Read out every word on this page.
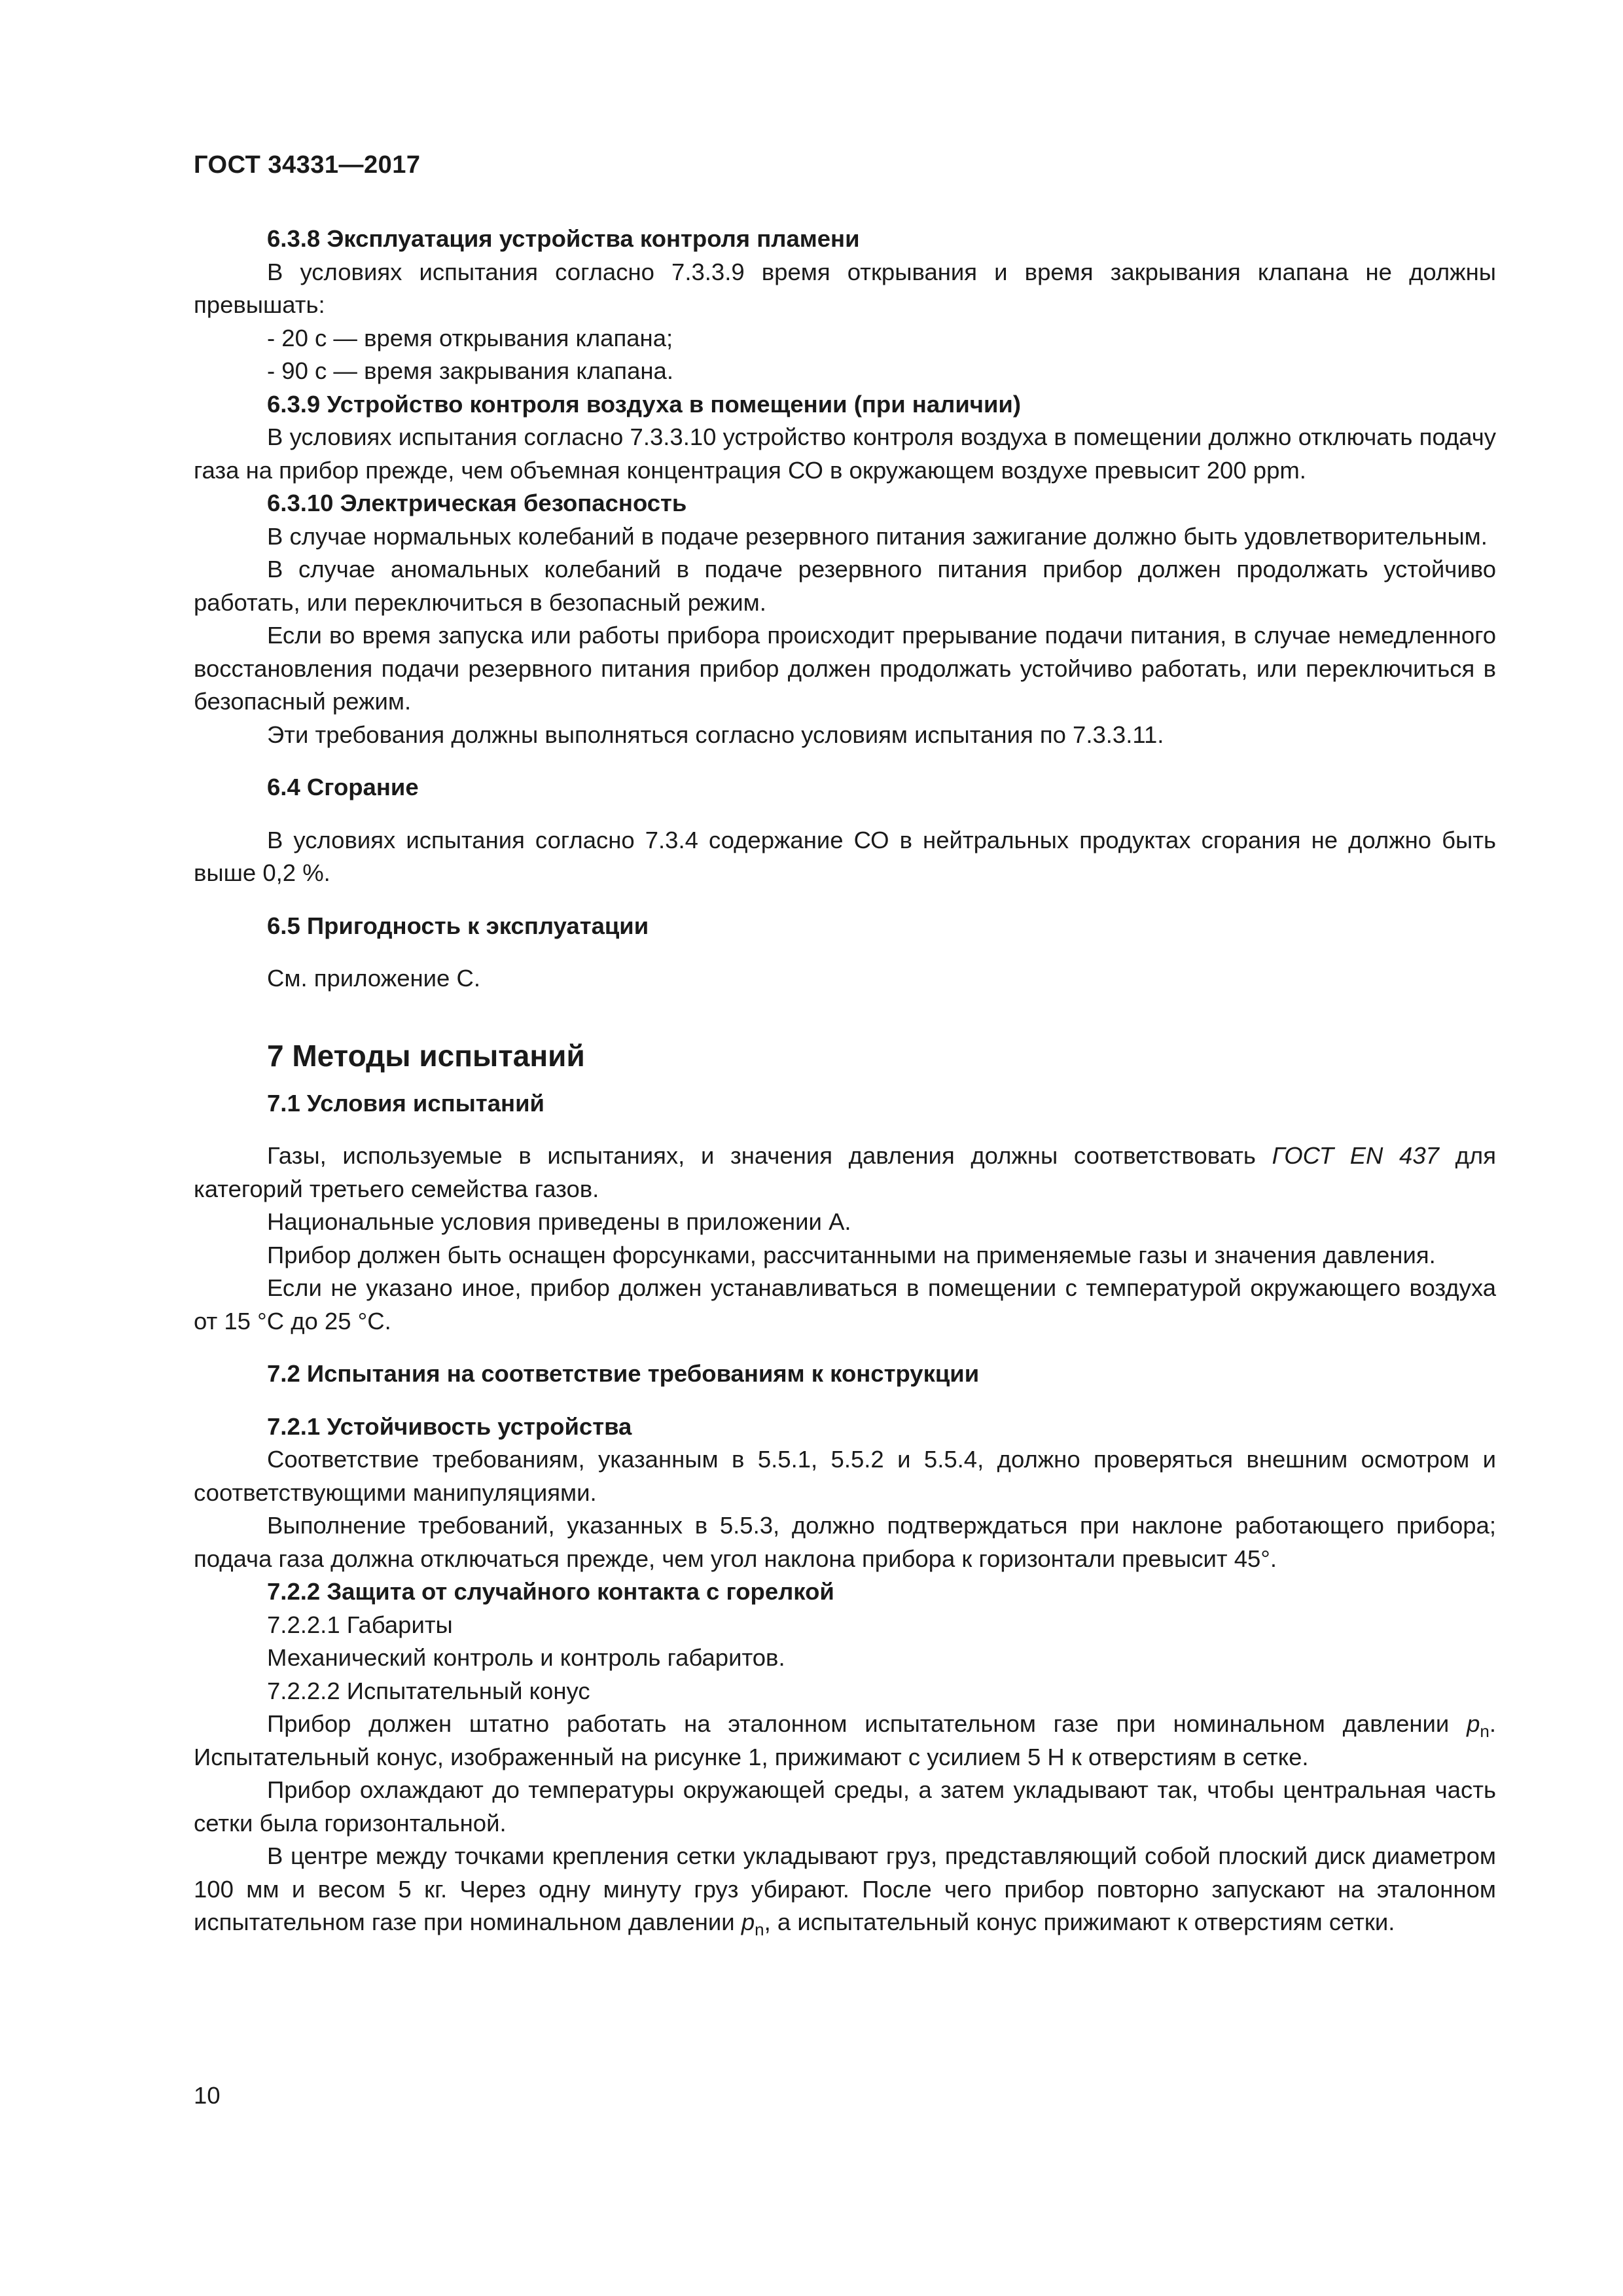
ГОСТ 34331—2017

6.3.8 Эксплуатация устройства контроля пламени

В условиях испытания согласно 7.3.3.9 время открывания и время закрывания клапана не должны превышать:

- 20 с — время открывания клапана;

- 90 с — время закрывания клапана.

6.3.9 Устройство контроля воздуха в помещении (при наличии)

В условиях испытания согласно 7.3.3.10 устройство контроля воздуха в помещении должно отключать подачу газа на прибор прежде, чем объемная концентрация СО в окружающем воздухе превысит 200 ppm.

6.3.10 Электрическая безопасность

В случае нормальных колебаний в подаче резервного питания зажигание должно быть удовлетворительным.

В случае аномальных колебаний в подаче резервного питания прибор должен продолжать устойчиво работать, или переключиться в безопасный режим.

Если во время запуска или работы прибора происходит прерывание подачи питания, в случае немедленного восстановления подачи резервного питания прибор должен продолжать устойчиво работать, или переключиться в безопасный режим.

Эти требования должны выполняться согласно условиям испытания по 7.3.3.11.

6.4 Сгорание

В условиях испытания согласно 7.3.4 содержание СО в нейтральных продуктах сгорания не должно быть выше 0,2 %.

6.5 Пригодность к эксплуатации

См. приложение С.

7 Методы испытаний

7.1 Условия испытаний

Газы, используемые в испытаниях, и значения давления должны соответствовать ГОСТ EN 437 для категорий третьего семейства газов.

Национальные условия приведены в приложении А.

Прибор должен быть оснащен форсунками, рассчитанными на применяемые газы и значения давления.

Если не указано иное, прибор должен устанавливаться в помещении с температурой окружающего воздуха от 15 °С до 25 °С.

7.2 Испытания на соответствие требованиям к конструкции

7.2.1 Устойчивость устройства

Соответствие требованиям, указанным в 5.5.1, 5.5.2 и 5.5.4, должно проверяться внешним осмотром и соответствующими манипуляциями.

Выполнение требований, указанных в 5.5.3, должно подтверждаться при наклоне работающего прибора; подача газа должна отключаться прежде, чем угол наклона прибора к горизонтали превысит 45°.

7.2.2 Защита от случайного контакта с горелкой

7.2.2.1 Габариты

Механический контроль и контроль габаритов.

7.2.2.2 Испытательный конус

Прибор должен штатно работать на эталонном испытательном газе при номинальном давлении $p_n$. Испытательный конус, изображенный на рисунке 1, прижимают с усилием 5 Н к отверстиям в сетке.

Прибор охлаждают до температуры окружающей среды, а затем укладывают так, чтобы центральная часть сетки была горизонтальной.

В центре между точками крепления сетки укладывают груз, представляющий собой плоский диск диаметром 100 мм и весом 5 кг. Через одну минуту груз убирают. После чего прибор повторно запускают на эталонном испытательном газе при номинальном давлении $p_n$, а испытательный конус прижимают к отверстиям сетки.

10
